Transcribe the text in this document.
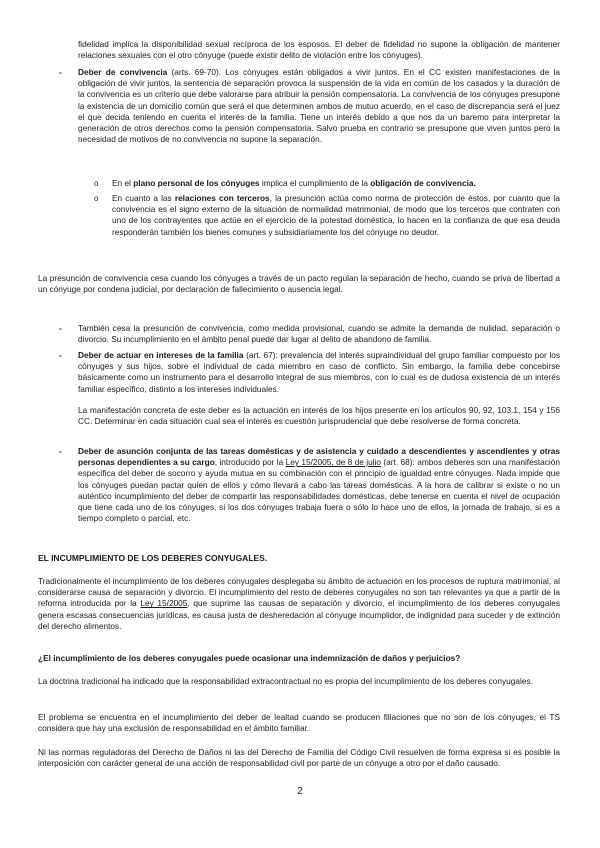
fidelidad implica la disponibilidad sexual recíproca de los esposos. El deber de fidelidad no supone la obligación de mantener relaciones sexuales con el otro cónyuge (puede existir delito de violación entre los cónyuges).

- Deber de convivencia (arts. 69-70). Los cónyuges están obligados a vivir juntos. En el CC existen manifestaciones de la obligación de vivir juntos, la sentencia de separación provoca la suspensión de la vida en común de los casados y la duración de la convivencia es un criterio que debe valorarse para atribuir la pensión compensatoria. La convivencia de los cónyuges presupone la existencia de un domicilio común que será el que determinen ambos de mutuo acuerdo, en el caso de discrepancia será el juez el que decida teniendo en cuenta el interés de la familia. Tiene un interés debido a que nos da un baremo para interpretar la generación de otros derechos como la pensión compensatoria. Salvo prueba en contrario se presupone que viven juntos pero la necesidad de motivos de no convivencia no supone la separación.

o En el plano personal de los cónyuges implica el cumplimiento de la obligación de convivencia.

o En cuanto a las relaciones con terceros, la presunción actúa como norma de protección de éstos, por cuanto que la convivencia es el signo externo de la situación de normalidad matrimonial, de modo que los terceros que contraten con uno de los contrayentes que actúe en el ejercicio de la potestad doméstica, lo hacen en la confianza de que esa deuda responderán también los bienes comunes y subsidiariamente los del cónyuge no deudor.

La presunción de convivencia cesa cuando los cónyuges a través de un pacto regulan la separación de hecho, cuando se priva de libertad a un cónyuge por condena judicial, por declaración de fallecimiento o ausencia legal.

- También cesa la presunción de convivencia, como medida provisional, cuando se admite la demanda de nulidad, separación o divorcio. Su incumplimiento en el ámbito penal puede dar lugar al delito de abandono de familia.

- Deber de actuar en intereses de la familia (art. 67): prevalencia del interés supraindividual del grupo familiar compuesto por los cónyuges y sus hijos, sobre el individual de cada miembro en caso de conflicto. Sin embargo, la familia debe concebirse básicamente como un instrumento para el desarrollo integral de sus miembros, con lo cual es de dudosa existencia de un interés familiar específico, distinto a los intereses individuales.

La manifestación concreta de este deber es la actuación en interés de los hijos presente en los artículos 90, 92, 103.1, 154 y 156 CC. Determinar en cada situación cual sea el interés es cuestión jurisprudencial que debe resolverse de forma concreta.

- Deber de asunción conjunta de las tareas domésticas y de asistencia y cuidado a descendientes y ascendientes y otras personas dependientes a su cargo, introducido por la Ley 15/2005, de 8 de julio (art. 68): ambos deberes son una manifestación específica del deber de socorro y ayuda mutua en su combinación con el principio de igualdad entre cónyuges. Nada impide que los cónyuges puedan pactar quien de ellos y cómo llevará a cabo las tareas domésticas. A la hora de calibrar si existe o no un auténtico incumplimiento del deber de compartir las responsabilidades domésticas, debe tenerse en cuenta el nivel de ocupación que tiene cada uno de los cónyuges, si los dos cónyuges trabaja fuera o sólo lo hace uno de ellos, la jornada de trabajo, si es a tiempo completo o parcial, etc.

EL INCUMPLIMIENTO DE LOS DEBERES CONYUGALES.

Tradicionalmente el incumplimiento de los deberes conyugales desplegaba su ámbito de actuación en los procesos de ruptura matrimonial, al considerarse causa de separación y divorcio. El incumplimiento del resto de deberes conyugales no son tan relevantes ya que a partir de la reforma introducida por la Ley 15/2005, que suprime las causas de separación y divorcio, el incumplimiento de los deberes conyugales genera escasas consecuencias jurídicas, es causa justa de desheredación al cónyuge incumplidor, de indignidad para suceder y de extinción del derecho alimentos.

¿El incumplimiento de los deberes conyugales puede ocasionar una indemnización de daños y perjuicios?

La doctrina tradicional ha indicado que la responsabilidad extracontractual no es propia del incumplimiento de los deberes conyugales.

El problema se encuentra en el incumplimiento del deber de lealtad cuando se producen filiaciones que no son de los cónyuges, el TS considera que hay una exclusión de responsabilidad en el ámbito familiar.

Ni las normas reguladoras del Derecho de Daños ni las del Derecho de Familia del Código Civil resuelven de forma expresa si es posible la interposición con carácter general de una acción de responsabilidad civil por parte de un cónyuge a otro por el daño causado.

2
